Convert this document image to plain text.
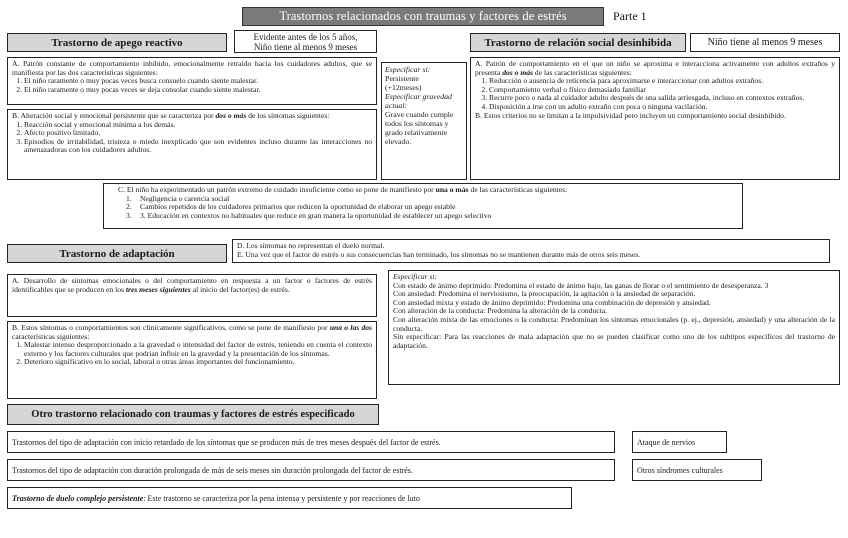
Trastornos relacionados con traumas y factores de estrés	Parte 1
Trastorno de apego reactivo	Evidente antes de los 5 años,
Niño tiene al menos 9 meses

A. Patrón constante de comportamiento inhibido, emocionalmente retraído hacia los cuidadores adultos, que se manifiesta por las dos características siguientes:

1. El niño raramente o muy pocas veces busca consuelo cuando siente malestar.
2. El niño raramente o muy pocas veces se deja consolar cuando siente malestar.

B. Alteración social y emocional persistente que se caracteriza por dos o más de los síntomas siguientes:

1. Reacción social y emocional mínima a los demás.
2. Afecto positivo limitado.
3. Episodios de irritabilidad, tristeza o miedo inexplicado que son evidentes incluso durante las interacciones no amenazadoras con los cuidadores adultos.
Especificar si:
Persistente
(+12meses)
Especificar gravedad actual:
Grave cuando cumple todos los síntomas y grado relativamente elevado.
Trastorno de relación social desinhibida	Niño tiene al menos 9 meses

A. Patrón de comportamiento en el que un niño se aproxima e interacciona activamente con adultos extraños y presenta dos o más de las características siguientes:

1. Reducción o ausencia de reticencia para aproximarse e interaccionar con adultos extraños.
2. Comportamiento verbal o físico demasiado familiar
3. Recurre poco o nada al cuidador adulto después de una salida arriesgada, incluso en contextos extraños.
4. Disposición a irse con un adulto extraño con poca o ninguna vacilación.

B. Estos criterios no se limitan a la impulsividad pero incluyen un comportamiento social desinhibido.

C. El niño ha experimentado un patrón extremo de cuidado insuficiente como se pone de manifiesto por una o más de las características siguientes:

1. Negligencia o carencia social
2. Cambios repetidos de los cuidadores primarios que reducen la oportunidad de elaborar un apego estable
3. 3. Educación en contextos no habituales que reduce en gran manera la oportunidad de establecer un apego selectivo
Trastorno de adaptación

D. Los síntomas no representan el duelo normal.

E. Una vez que el factor de estrés o sus consecuencias han terminado, los síntomas no se mantienen durante más de otros seis meses.

A. Desarrollo de síntomas emocionales o del comportamiento en respuesta a un factor o factores de estrés identificables que se producen en los tres meses siguientes al inicio del factor(es) de estrés.

B. Estos síntomas o comportamientos son clínicamente significativos, como se pone de manifiesto por una o las dos características siguientes:

1. Malestar intenso desproporcionado a la gravedad o intensidad del factor de estrés, teniendo en cuenta el contexto externo y los factores culturales que podrían influir en la gravedad y la presentación de los síntomas.
2. Deterioro significativo en lo social, laboral u otras áreas importantes del funcionamiento.

Especificar si:

Con estado de ánimo deprimido: Predomina el estado de ánimo bajo, las ganas de llorar o el sentimiento de desesperanza. 3

Con ansiedad: Predomina el nerviosismo, la preocupación, la agitación o la ansiedad de separación.

Con ansiedad mixta y estado de ánimo deprimido: Predomina una combinación de depresión y ansiedad.

Con alteración de la conducta: Predomina la alteración de la conducta.

Con alteración mixta de las emociones o la conducta: Predominan los síntomas emocionales (p. ej., depresión, ansiedad) y una alteración de la conducta.

Sin especificar: Para las reacciones de mala adaptación que no se pueden clasificar como uno de los subtipos específicos del trastorno de adaptación.

Otro trastorno relacionado con traumas y factores de estrés especificado
Trastornos del tipo de adaptación con inicio retardado de los síntomas que se producen más de tres meses después del factor de estrés.
Trastornos del tipo de adaptación con duración prolongada de más de seis meses sin duración prolongada del factor de estrés.
Trastorno de duelo complejo persistente: Este trastorno se caracteriza por la pena intensa y persistente y por reacciones de luto
Ataque de nervios
Otros síndromes culturales
